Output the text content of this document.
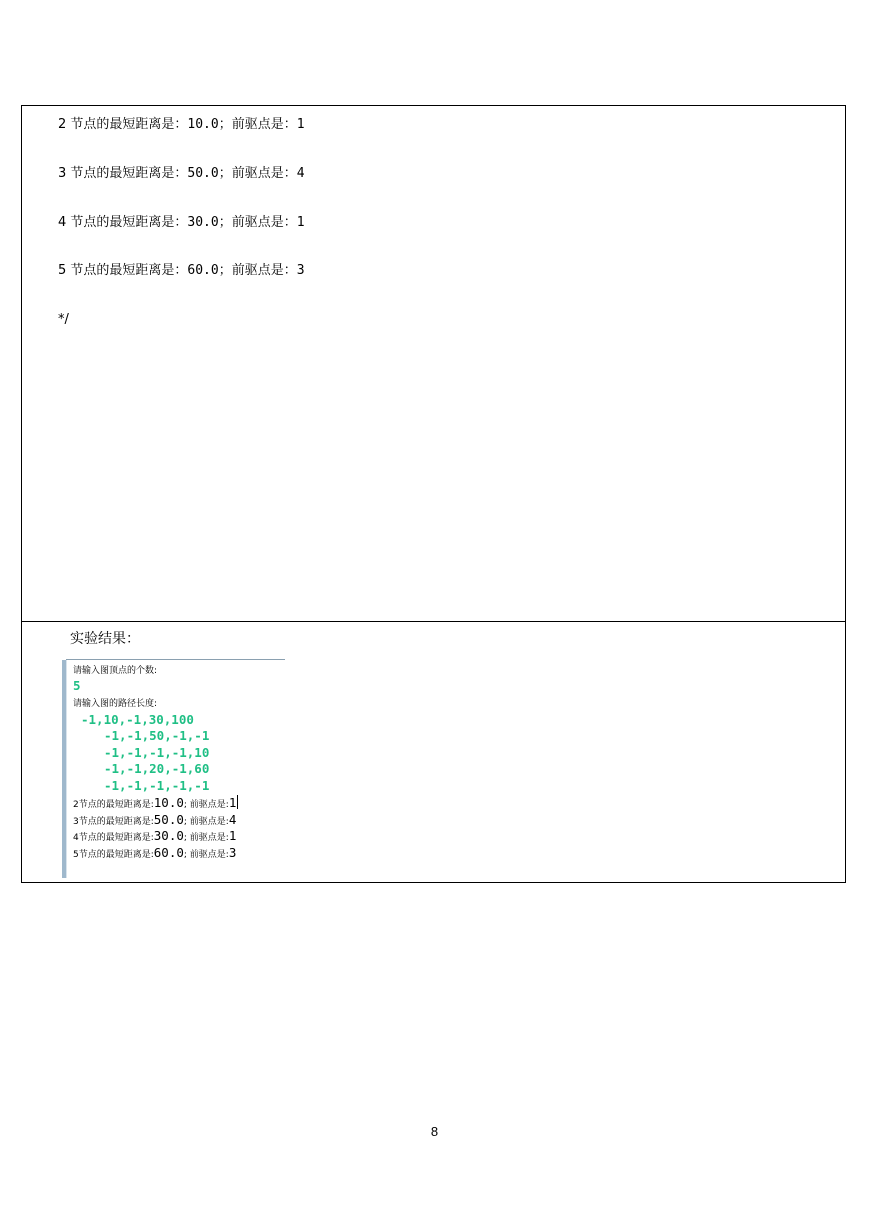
2 节点的最短距离是：10.0；前驱点是：1
3 节点的最短距离是：50.0；前驱点是：4
4 节点的最短距离是：30.0；前驱点是：1
5 节点的最短距离是：60.0；前驱点是：3
*/
实验结果：
请输入图顶点的个数:
5
请输入图的路径长度:
-1,10,-1,30,100
-1,-1,50,-1,-1
-1,-1,-1,-1,10
-1,-1,20,-1,60
-1,-1,-1,-1,-1
2节点的最短距离是:10.0; 前驱点是:1
3节点的最短距离是:50.0; 前驱点是:4
4节点的最短距离是:30.0; 前驱点是:1
5节点的最短距离是:60.0; 前驱点是:3
8
